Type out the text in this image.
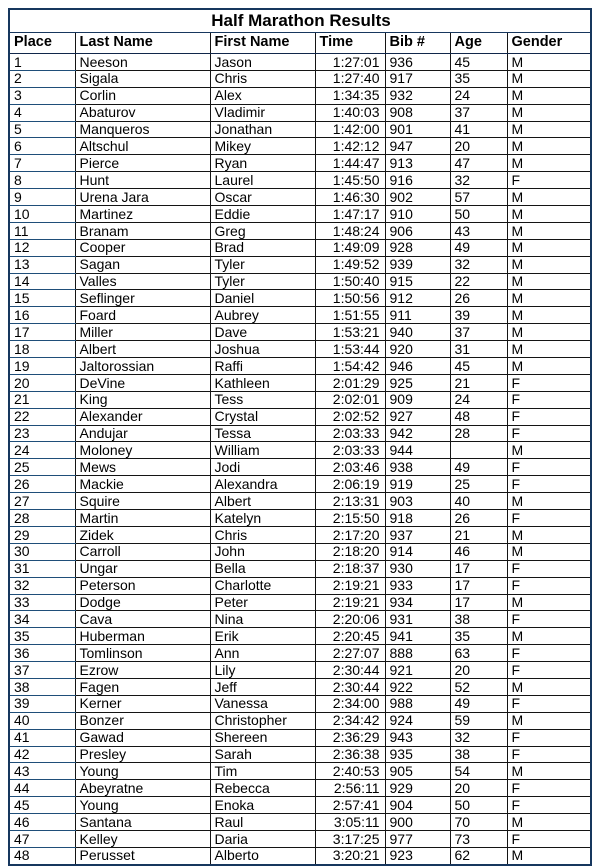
Half Marathon Results						
Place	Last Name	First Name	Time	Bib #	Age	Gender
1	Neeson	Jason	1:27:01	936	45	M
2	Sigala	Chris	1:27:40	917	35	M
3	Corlin	Alex	1:34:35	932	24	M
4	Abaturov	Vladimir	1:40:03	908	37	M
5	Manqueros	Jonathan	1:42:00	901	41	M
6	Altschul	Mikey	1:42:12	947	20	M
7	Pierce	Ryan	1:44:47	913	47	M
8	Hunt	Laurel	1:45:50	916	32	F
9	Urena Jara	Oscar	1:46:30	902	57	M
10	Martinez	Eddie	1:47:17	910	50	M
11	Branam	Greg	1:48:24	906	43	M
12	Cooper	Brad	1:49:09	928	49	M
13	Sagan	Tyler	1:49:52	939	32	M
14	Valles	Tyler	1:50:40	915	22	M
15	Seflinger	Daniel	1:50:56	912	26	M
16	Foard	Aubrey	1:51:55	911	39	M
17	Miller	Dave	1:53:21	940	37	M
18	Albert	Joshua	1:53:44	920	31	M
19	Jaltorossian	Raffi	1:54:42	946	45	M
20	DeVine	Kathleen	2:01:29	925	21	F
21	King	Tess	2:02:01	909	24	F
22	Alexander	Crystal	2:02:52	927	48	F
23	Andujar	Tessa	2:03:33	942	28	F
24	Moloney	William	2:03:33	944		M
25	Mews	Jodi	2:03:46	938	49	F
26	Mackie	Alexandra	2:06:19	919	25	F
27	Squire	Albert	2:13:31	903	40	M
28	Martin	Katelyn	2:15:50	918	26	F
29	Zidek	Chris	2:17:20	937	21	M
30	Carroll	John	2:18:20	914	46	M
31	Ungar	Bella	2:18:37	930	17	F
32	Peterson	Charlotte	2:19:21	933	17	F
33	Dodge	Peter	2:19:21	934	17	M
34	Cava	Nina	2:20:06	931	38	F
35	Huberman	Erik	2:20:45	941	35	M
36	Tomlinson	Ann	2:27:07	888	63	F
37	Ezrow	Lily	2:30:44	921	20	F
38	Fagen	Jeff	2:30:44	922	52	M
39	Kerner	Vanessa	2:34:00	988	49	F
40	Bonzer	Christopher	2:34:42	924	59	M
41	Gawad	Shereen	2:36:29	943	32	F
42	Presley	Sarah	2:36:38	935	38	F
43	Young	Tim	2:40:53	905	54	M
44	Abeyratne	Rebecca	2:56:11	929	20	F
45	Young	Enoka	2:57:41	904	50	F
46	Santana	Raul	3:05:11	900	70	M
47	Kelley	Daria	3:17:25	977	73	F
48	Perusset	Alberto	3:20:21	923	62	M
